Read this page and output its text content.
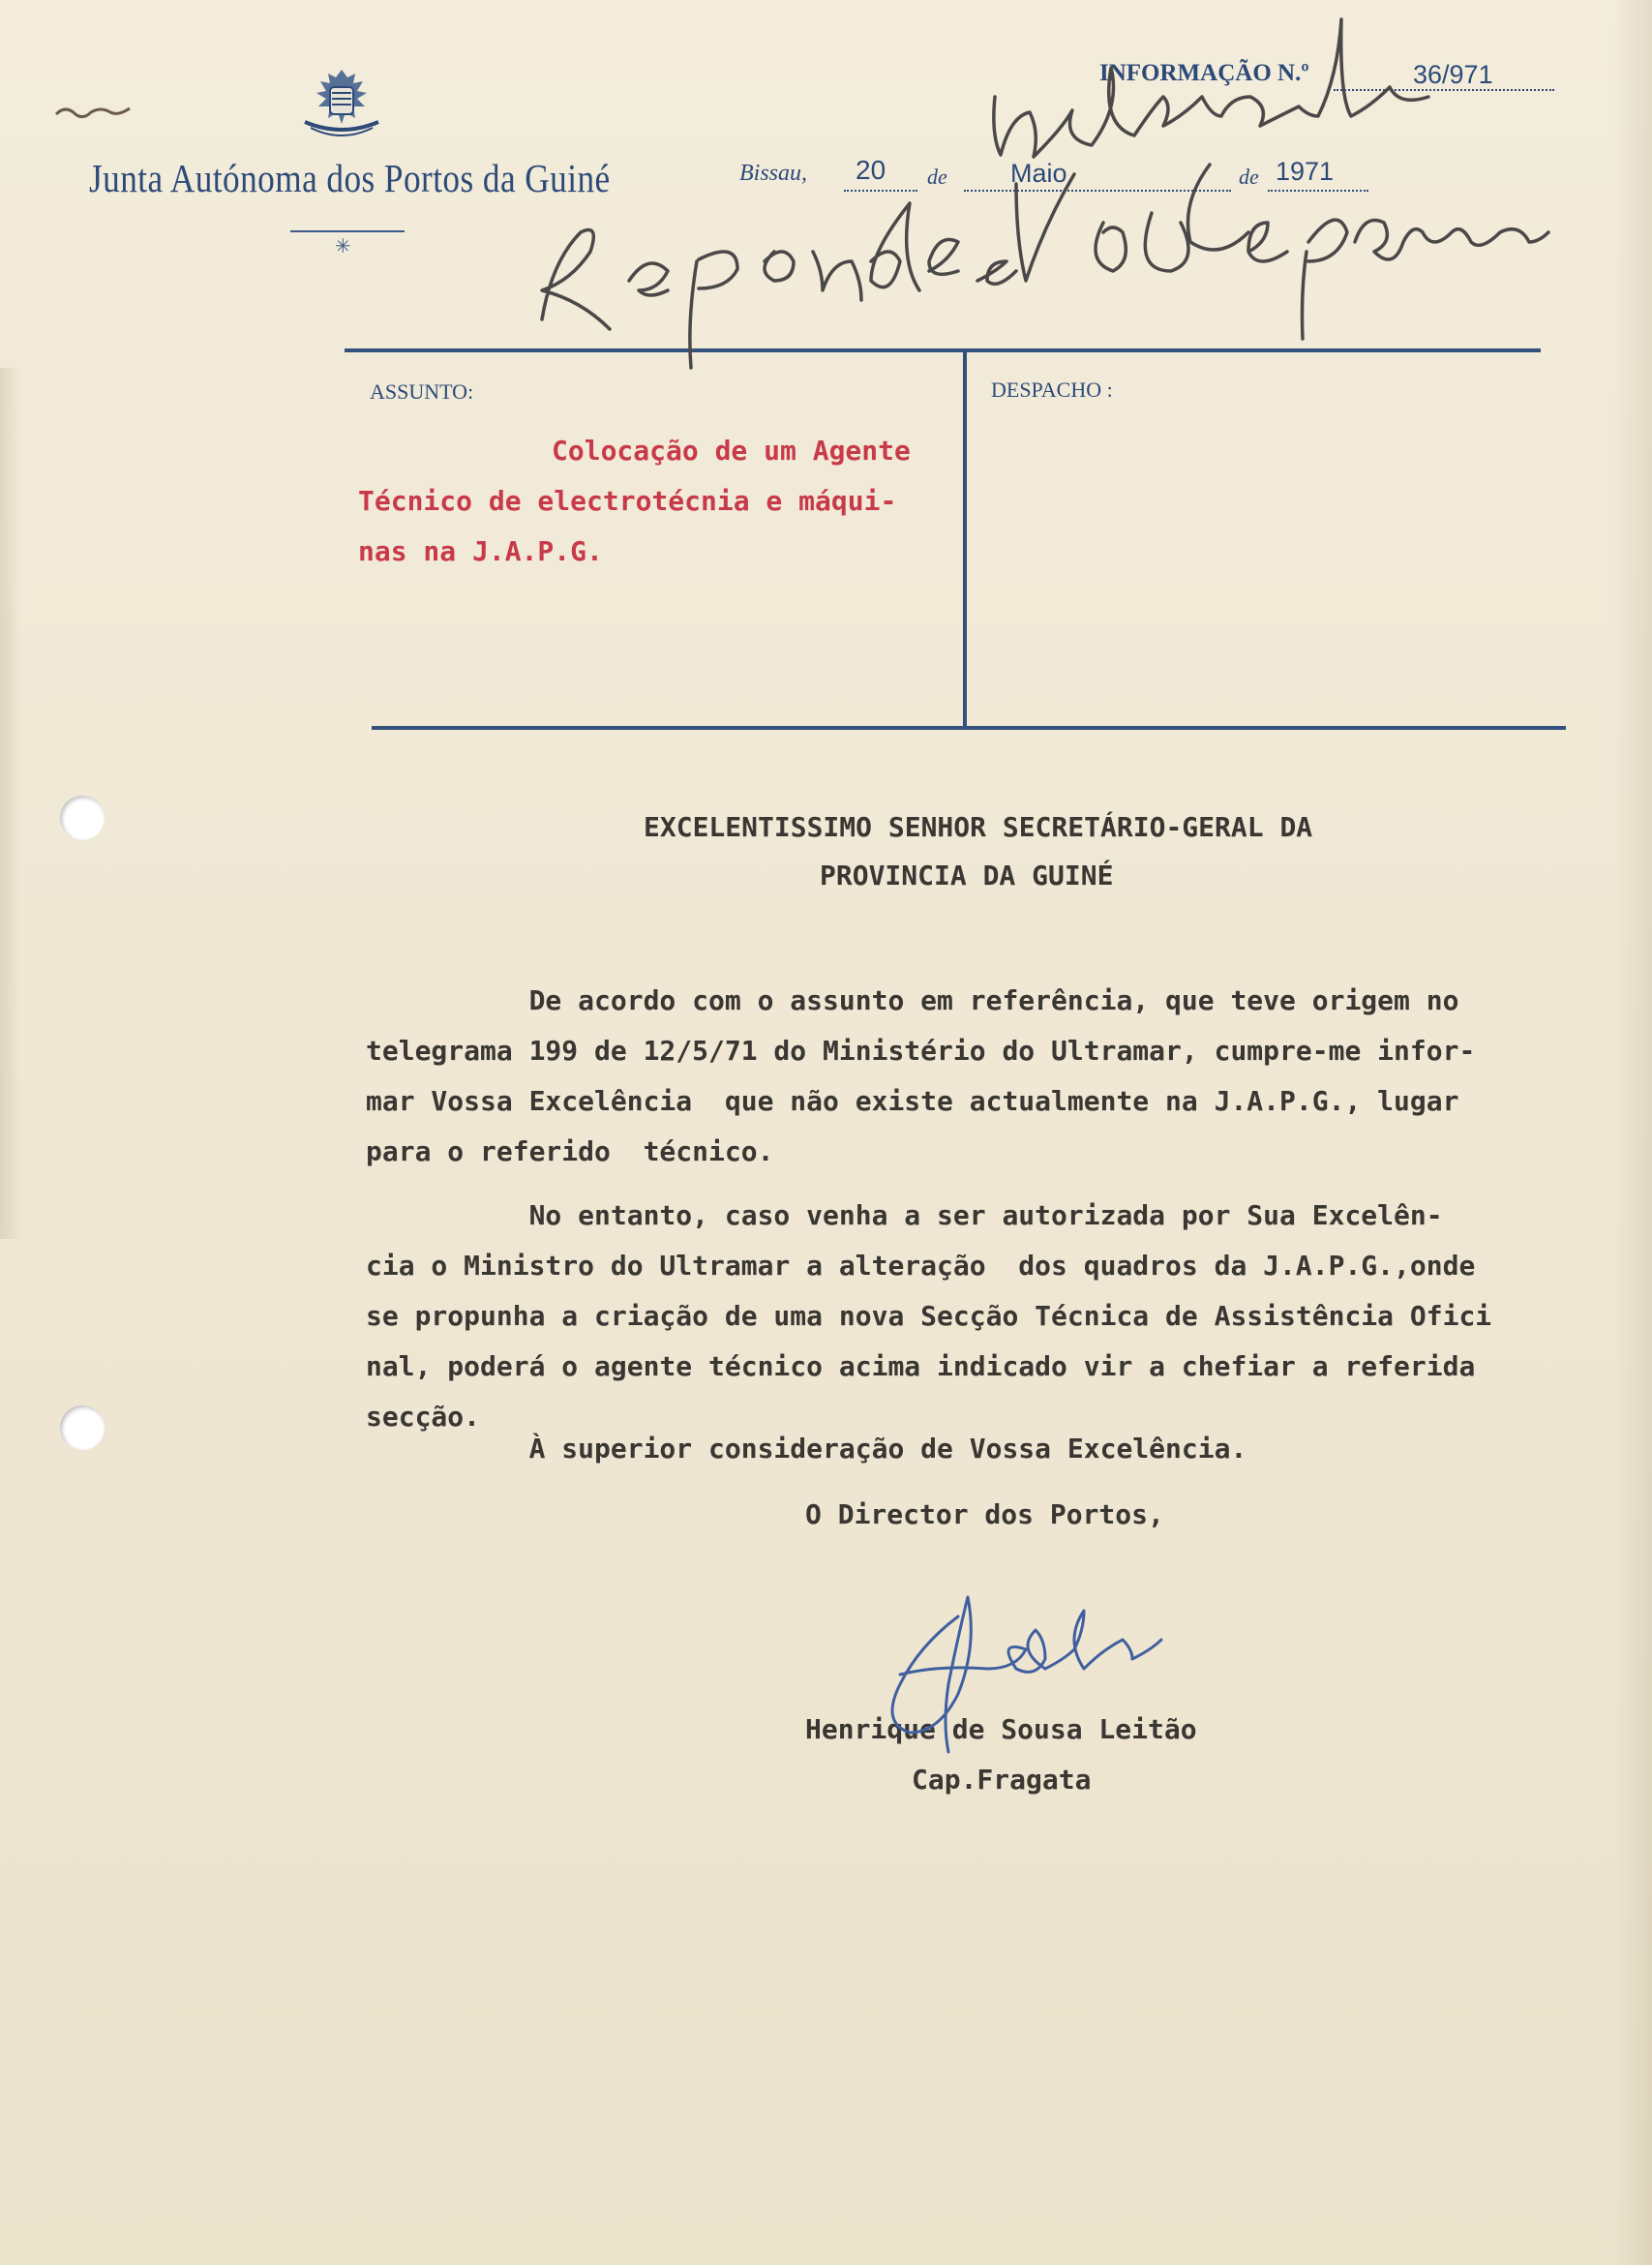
Junta Autónoma dos Portos da Guiné
✳
INFORMAÇÃO N.º	36/971
Bissau, 20 de Maio	de 1971
ASSUNTO:	DESPACHO :
Colocação de um Agente
Técnico de electrotécnia e máqui-
nas na J.A.P.G.
EXCELENTISSIMO SENHOR SECRETÁRIO-GERAL DA
PROVINCIA DA GUINÉ
De acordo com o assunto em referência, que teve origem no
telegrama 199 de 12/5/71 do Ministério do Ultramar, cumpre-me infor-
mar Vossa Excelência  que não existe actualmente na J.A.P.G., lugar
para o referido  técnico.
No entanto, caso venha a ser autorizada por Sua Excelên-
cia o Ministro do Ultramar a alteração  dos quadros da J.A.P.G.,onde
se propunha a criação de uma nova Secção Técnica de Assistência Ofici
nal, poderá o agente técnico acima indicado vir a chefiar a referida
secção.
À superior consideração de Vossa Excelência.
O Director dos Portos,
Henrique de Sousa Leitão
Cap.Fragata
